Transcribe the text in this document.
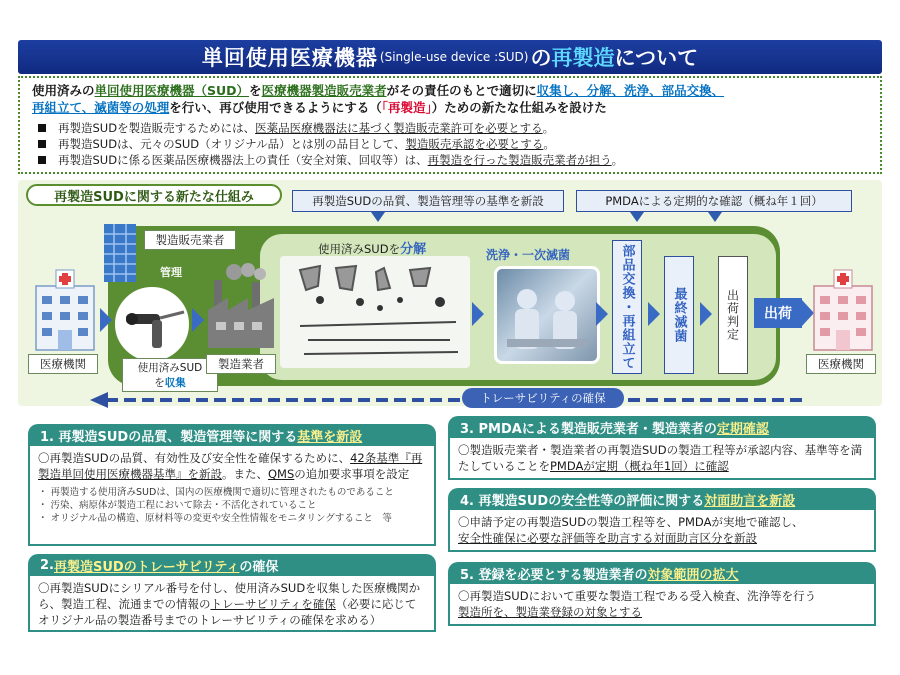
単回使用医療機器 (Single-use device :SUD) の 再製造 について
使用済みの単回使用医療機器（SUD）を医療機器製造販売業者がその責任のもとで適切に収集し、分解、洗浄、部品交換、
再組立て、滅菌等の処理を行い、再び使用できるようにする（「再製造」）ための新たな仕組みを設けた
再製造SUDを製造販売するためには、医薬品医療機器法に基づく製造販売業許可を必要とする。
再製造SUDは、元々のSUD（オリジナル品）とは別の品目として、製造販売承認を必要とする。
再製造SUDに係る医薬品医療機器法上の責任（安全対策、回収等）は、再製造を行った製造販売業者が担う。
再製造SUDに関する新たな仕組み	再製造SUDの品質、製造管理等の基準を新設	PMDAによる定期的な確認（概ね年１回）
医療機関
製造販売業者
管理
使用済みSUD
を収集
製造業者
使用済みSUDを分解	洗浄・一次滅菌	部品交換・再組立て	最終滅菌	出荷判定	出荷
医療機関
トレーサビリティの確保
1. 再製造SUDの品質、製造管理等に関する 基準を新設
〇再製造SUDの品質、有効性及び安全性を確保するために、42条基準『再製造単回使用医療機器基準』を新設。また、QMSの追加要求事項を設定
・ 再製造する使用済みSUDは、国内の医療機関で適切に管理されたものであること
・ 汚染、病原体が製造工程において除去・不活化されていること
・ オリジナル品の構造、原材料等の変更や安全性情報をモニタリングすること　等
2. 再製造SUDのトレーサビリティ の確保
〇再製造SUDにシリアル番号を付し、使用済みSUDを収集した医療機関から、製造工程、流通までの情報のトレーサビリティを確保（必要に応じてオリジナル品の製造番号までのトレーサビリティの確保を求める）
3. PMDAによる製造販売業者・製造業者の 定期確認
〇製造販売業者・製造業者の再製造SUDの製造工程等が承認内容、基準等を満たしていることをPMDAが定期（概ね年1回）に確認
4. 再製造SUDの安全性等の評価に関する 対面助言を新設
〇申請予定の再製造SUDの製造工程等を、PMDAが実地で確認し、
安全性確保に必要な評価等を助言する対面助言区分を新設
5. 登録を必要とする製造業者の 対象範囲の拡大
〇再製造SUDにおいて重要な製造工程である受入検査、洗浄等を行う
製造所を、製造業登録の対象とする
